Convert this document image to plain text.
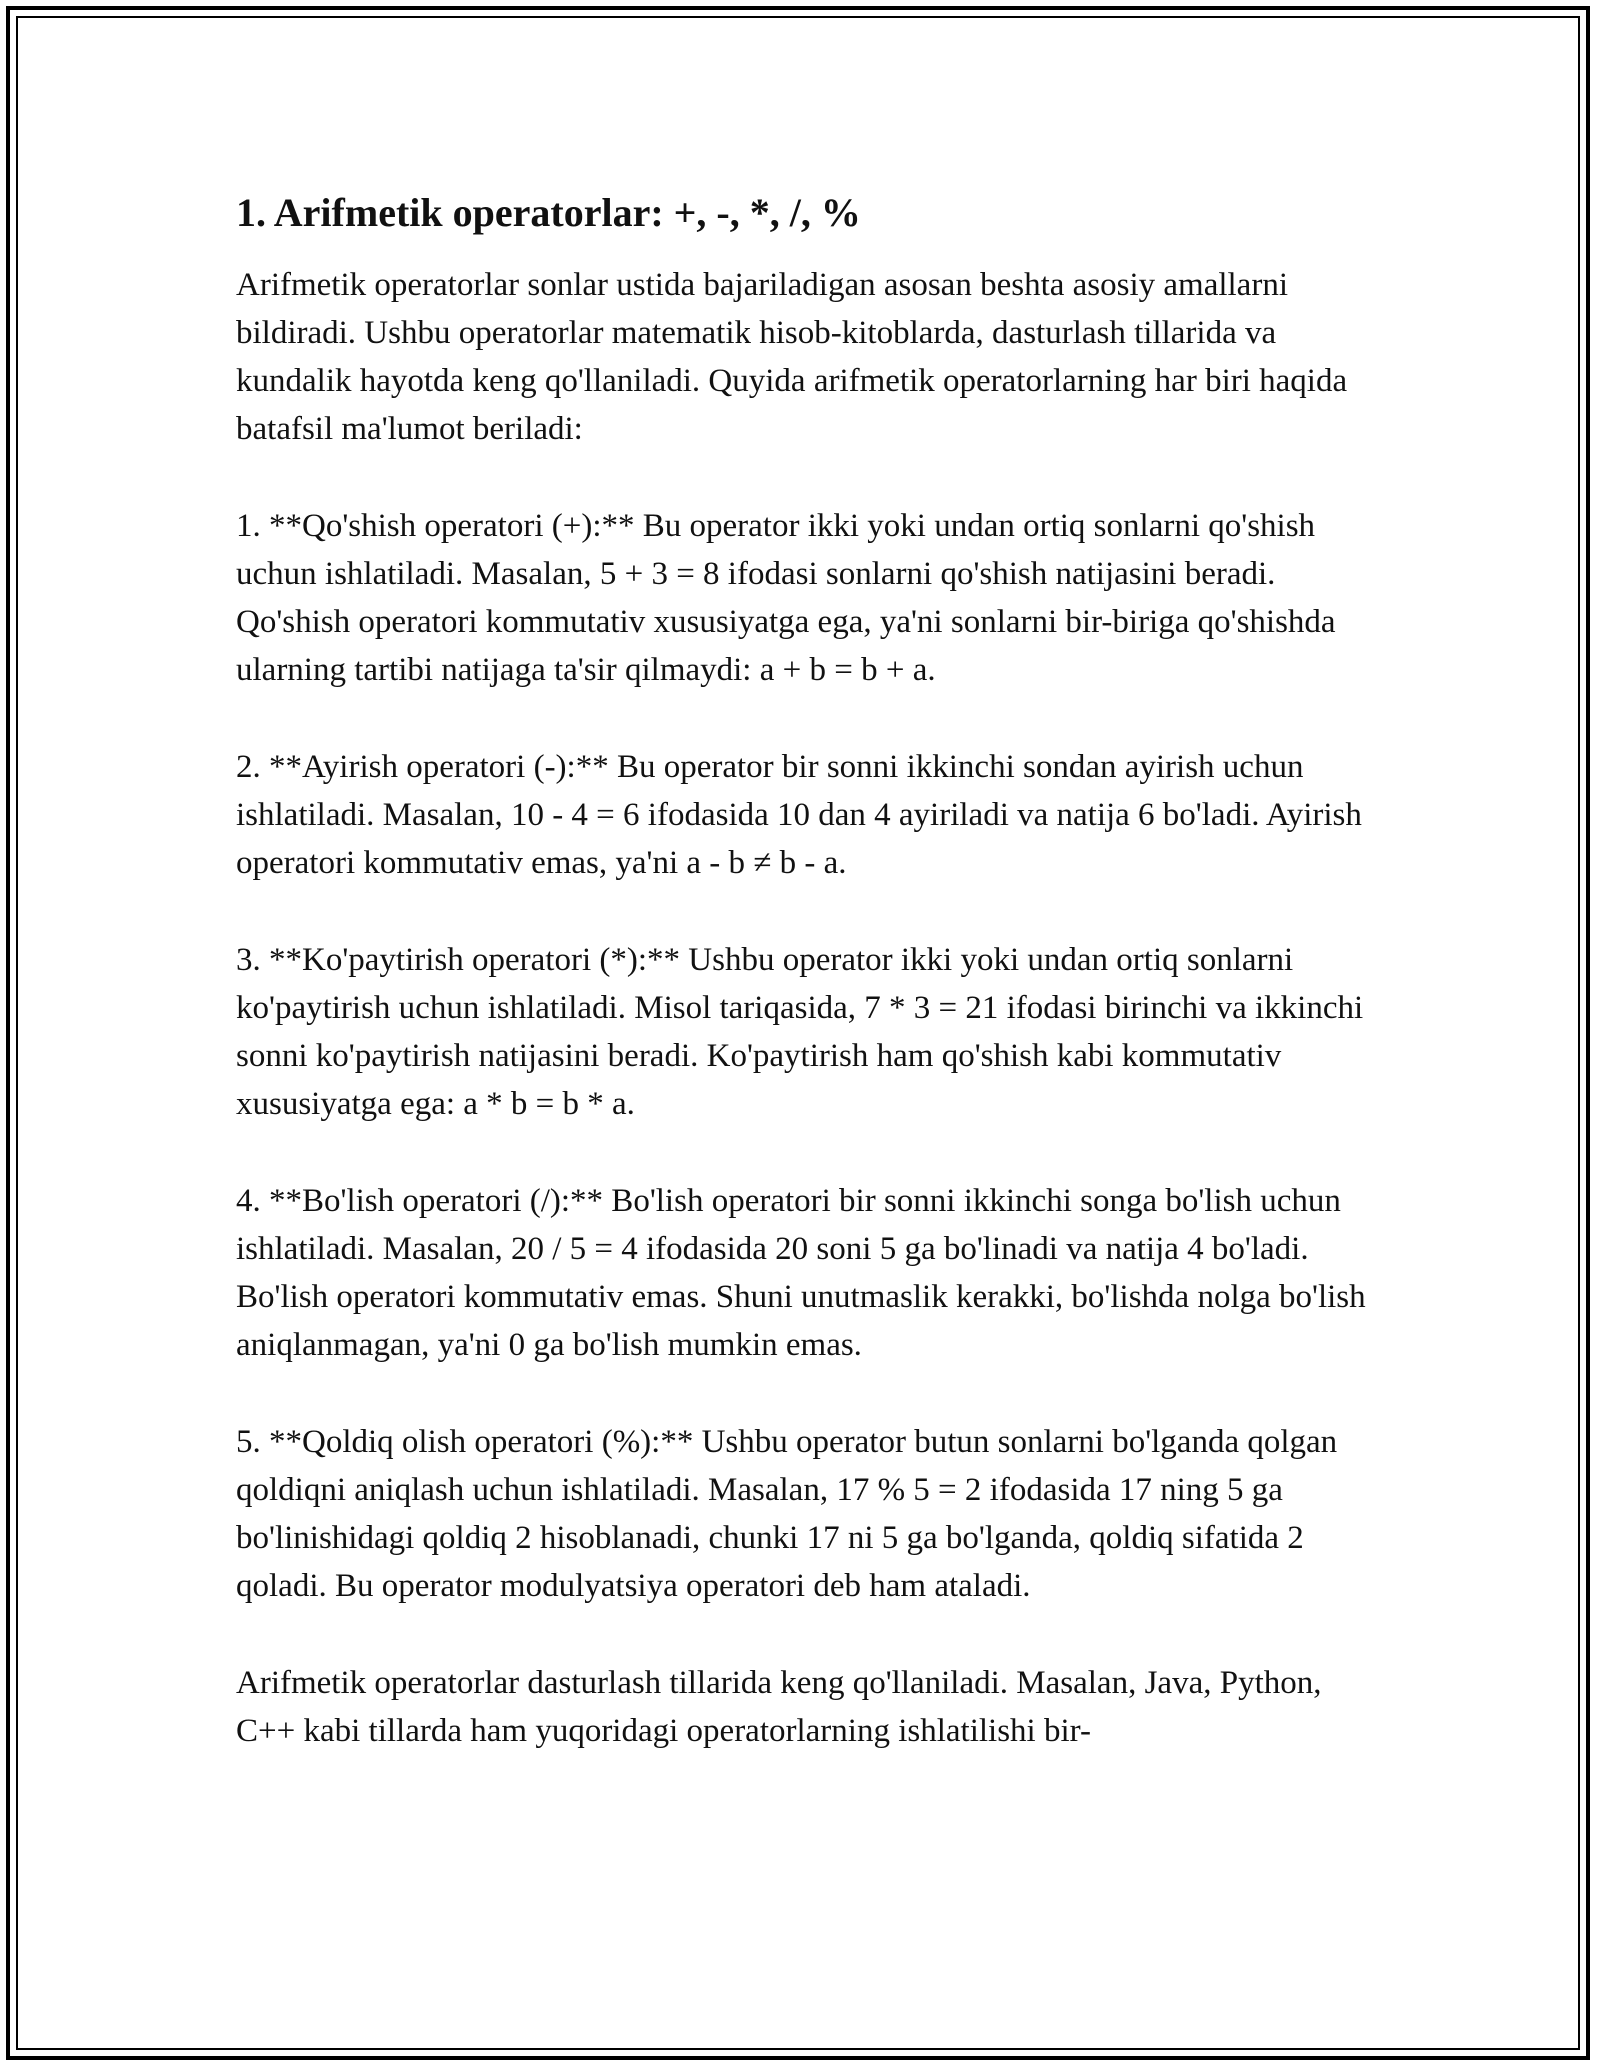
1. Arifmetik operatorlar: +, -, *, /, %

Arifmetik operatorlar sonlar ustida bajariladigan asosan beshta asosiy amallarni bildiradi. Ushbu operatorlar matematik hisob-kitoblarda, dasturlash tillarida va kundalik hayotda keng qo'llaniladi. Quyida arifmetik operatorlarning har biri haqida batafsil ma'lumot beriladi:

1. **Qo'shish operatori (+):** Bu operator ikki yoki undan ortiq sonlarni qo'shish uchun ishlatiladi. Masalan, 5 + 3 = 8 ifodasi sonlarni qo'shish natijasini beradi. Qo'shish operatori kommutativ xususiyatga ega, ya'ni sonlarni bir-biriga qo'shishda ularning tartibi natijaga ta'sir qilmaydi: a + b = b + a.

2. **Ayirish operatori (-):** Bu operator bir sonni ikkinchi sondan ayirish uchun ishlatiladi. Masalan, 10 - 4 = 6 ifodasida 10 dan 4 ayiriladi va natija 6 bo'ladi. Ayirish operatori kommutativ emas, ya'ni a - b ≠ b - a.

3. **Ko'paytirish operatori (*):** Ushbu operator ikki yoki undan ortiq sonlarni ko'paytirish uchun ishlatiladi. Misol tariqasida, 7 * 3 = 21 ifodasi birinchi va ikkinchi sonni ko'paytirish natijasini beradi. Ko'paytirish ham qo'shish kabi kommutativ xususiyatga ega: a * b = b * a.

4. **Bo'lish operatori (/):** Bo'lish operatori bir sonni ikkinchi songa bo'lish uchun ishlatiladi. Masalan, 20 / 5 = 4 ifodasida 20 soni 5 ga bo'linadi va natija 4 bo'ladi. Bo'lish operatori kommutativ emas. Shuni unutmaslik kerakki, bo'lishda nolga bo'lish aniqlanmagan, ya'ni 0 ga bo'lish mumkin emas.

5. **Qoldiq olish operatori (%):** Ushbu operator butun sonlarni bo'lganda qolgan qoldiqni aniqlash uchun ishlatiladi. Masalan, 17 % 5 = 2 ifodasida 17 ning 5 ga bo'linishidagi qoldiq 2 hisoblanadi, chunki 17 ni 5 ga bo'lganda, qoldiq sifatida 2 qoladi. Bu operator modulyatsiya operatori deb ham ataladi.

Arifmetik operatorlar dasturlash tillarida keng qo'llaniladi. Masalan, Java, Python, C++ kabi tillarda ham yuqoridagi operatorlarning ishlatilishi bir-
